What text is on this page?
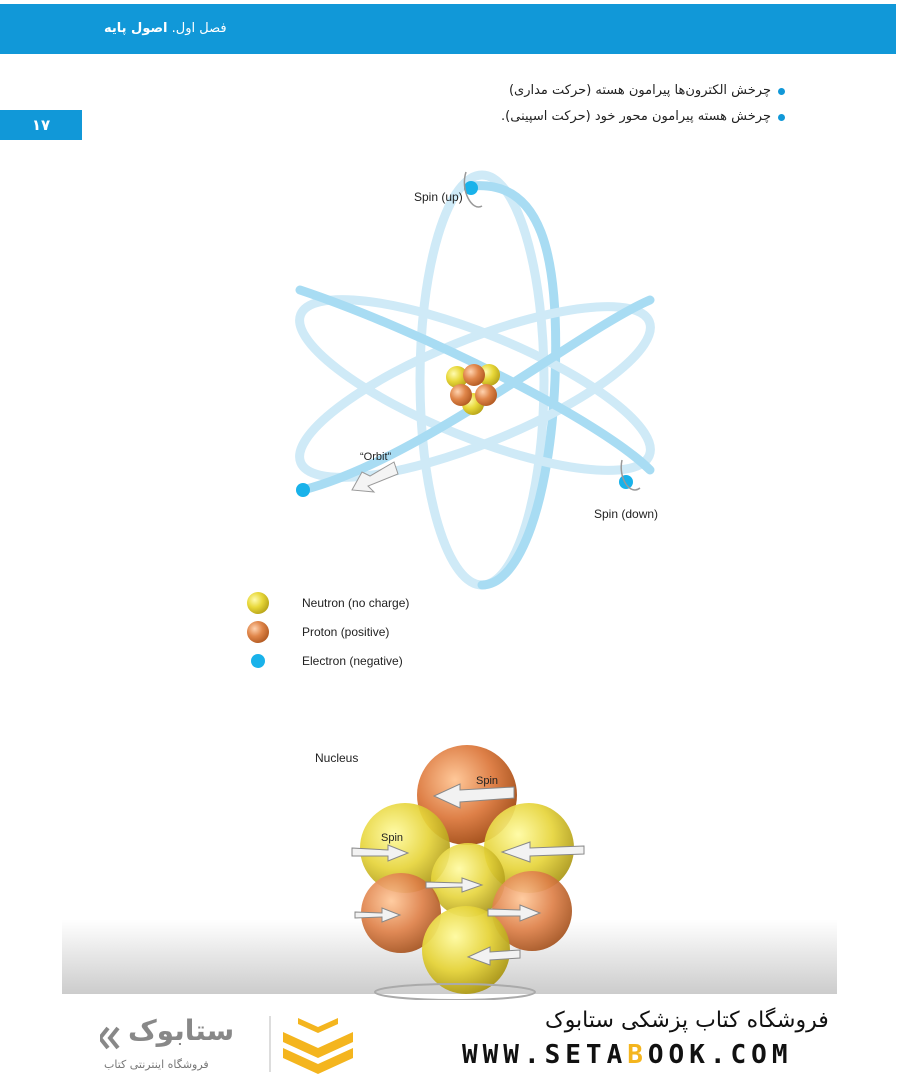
فصل اول. اصول پایه
۱۷
چرخش الکترون‌ها پیرامون هسته (حرکت مداری)
چرخش هسته پیرامون محور خود (حرکت اسپینی).
Spin (up)
Spin (down)
“Orbit”
Neutron (no charge)
Proton (positive)
Electron (negative)
Nucleus
Spin
Spin
ستابوک
فروشگاه اینترنتی کتاب
فروشگاه کتاب پزشکی ستابوک
WWW.SETABOOK.COM
